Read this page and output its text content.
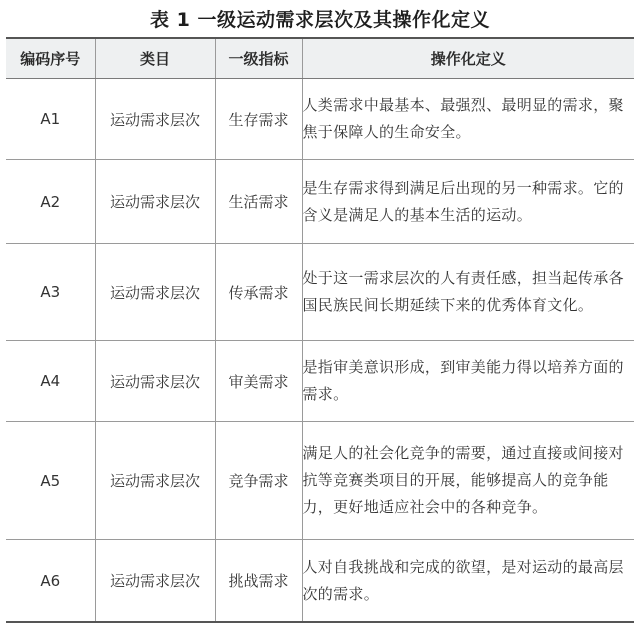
表 1 一级运动需求层次及其操作化定义
编码序号	类目	一级指标	操作化定义
A1	运动需求层次	生存需求	人类需求中最基本、最强烈、最明显的需求，聚焦于保障人的生命安全。
A2	运动需求层次	生活需求	是生存需求得到满足后出现的另一种需求。它的含义是满足人的基本生活的运动。
A3	运动需求层次	传承需求	处于这一需求层次的人有责任感，担当起传承各国民族民间长期延续下来的优秀体育文化。
A4	运动需求层次	审美需求	是指审美意识形成，到审美能力得以培养方面的需求。
A5	运动需求层次	竞争需求	满足人的社会化竞争的需要，通过直接或间接对抗等竞赛类项目的开展，能够提高人的竞争能力，更好地适应社会中的各种竞争。
A6	运动需求层次	挑战需求	人对自我挑战和完成的欲望，是对运动的最高层次的需求。
